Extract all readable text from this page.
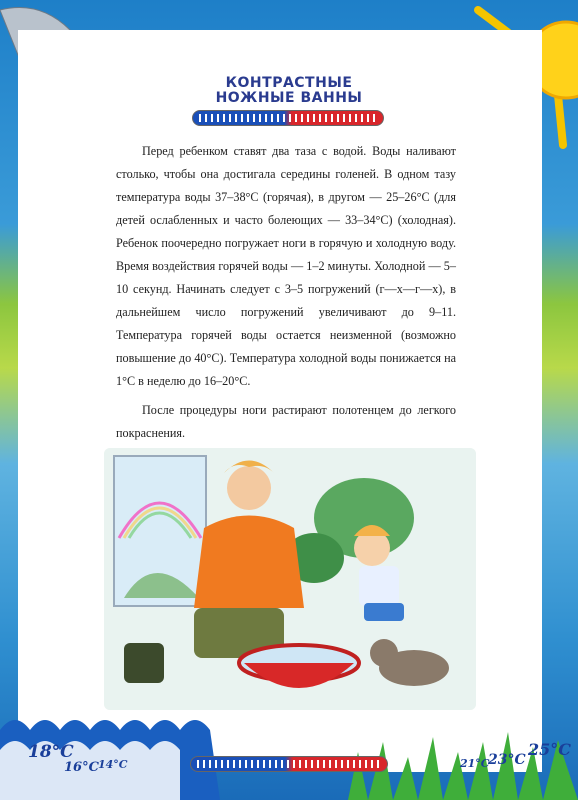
КОНТРАСТНЫЕ
НОЖНЫЕ ВАННЫ

Перед ребенком ставят два таза с водой. Воды наливают столько, чтобы она достигала середины голеней. В одном тазу температура воды 37–38°С (горячая), в другом — 25–26°С (для детей ослабленных и часто болеющих — 33–34°С) (холодная). Ребенок поочередно погружает ноги в горячую и холодную воду. Время воздействия горячей воды — 1–2 минуты. Холодной — 5–10 секунд. Начинать следует с 3–5 погружений (г—х—г—х), в дальнейшем число погружений увеличивают до 9–11. Температура горячей воды остается неизменной (возможно повышение до 40°С). Температура холодной воды понижается на 1°С в неделю до 16–20°С.

После процедуры ноги растирают полотенцем до легкого покраснения.

18°C
16°C 14°C	21°C
23°C
25°C
